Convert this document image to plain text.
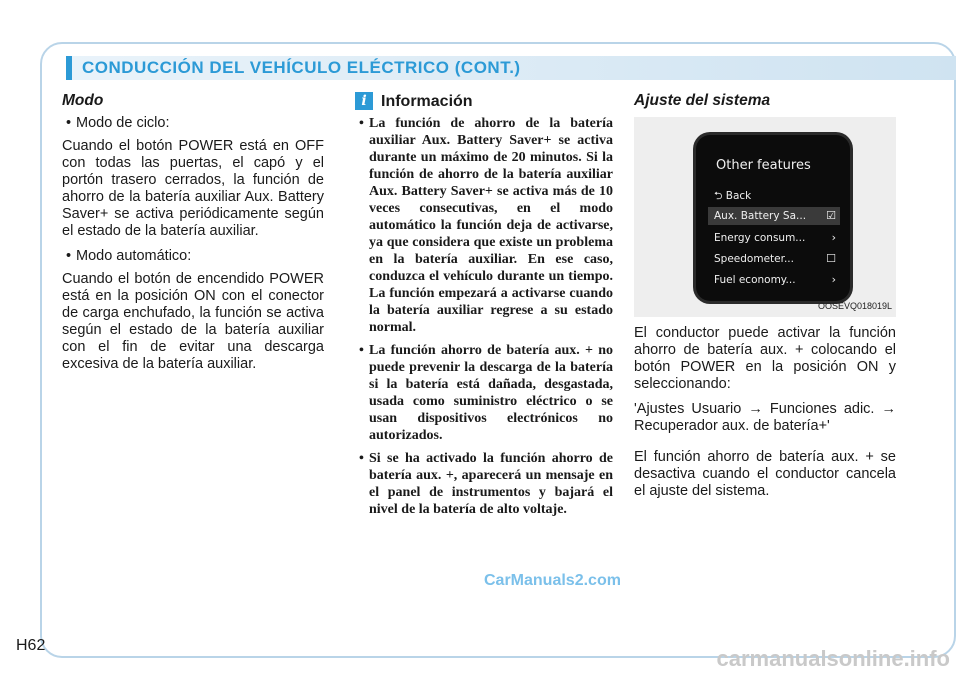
CONDUCCIÓN DEL VEHÍCULO ELÉCTRICO (CONT.)
Modo
• Modo de ciclo:

Cuando el botón POWER está en OFF con todas las puertas, el capó y el portón trasero cerrados, la función de ahorro de la batería auxiliar Aux. Battery Saver+ se activa periódicamente según el estado de la batería auxiliar.

• Modo automático:

Cuando el botón de encendido POWER está en la posición ON con el conector de carga enchufado, la función se activa según el estado de la batería auxiliar con el fin de evitar una descarga excesiva de la batería auxiliar.

i Información
• La función de ahorro de la batería auxiliar Aux. Battery Saver+ se activa durante un máximo de 20 minutos. Si la función de ahorro de la batería auxiliar Aux. Battery Saver+ se activa más de 10 veces consecutivas, en el modo automático la función deja de activarse, ya que considera que existe un problema en la batería auxiliar. En ese caso, conduzca el vehículo durante un tiempo. La función empezará a activarse cuando la batería auxiliar regrese a su estado normal.
• La función ahorro de batería aux. + no puede prevenir la descarga de la batería si la batería está dañada, desgastada, usada como suministro eléctrico o se usan dispositivos electrónicos no autorizados.
• Si se ha activado la función ahorro de batería aux. +, aparecerá un mensaje en el panel de instrumentos y bajará el nivel de la batería de alto voltaje.
Ajuste del sistema
Other features
⮌ Back
Aux. Battery Sa... ☑
Energy consum... ›
Speedometer...	☐
Fuel economy...	›
OOSEVQ018019L

El conductor puede activar la función ahorro de batería aux. + colocando el botón POWER en la posición ON y seleccionando:

'Ajustes Usuario → Funciones adic. → Recuperador aux. de batería+'

El función ahorro de batería aux. + se desactiva cuando el conductor cancela el ajuste del sistema.

H62
CarManuals2.com
carmanualsonline.info
